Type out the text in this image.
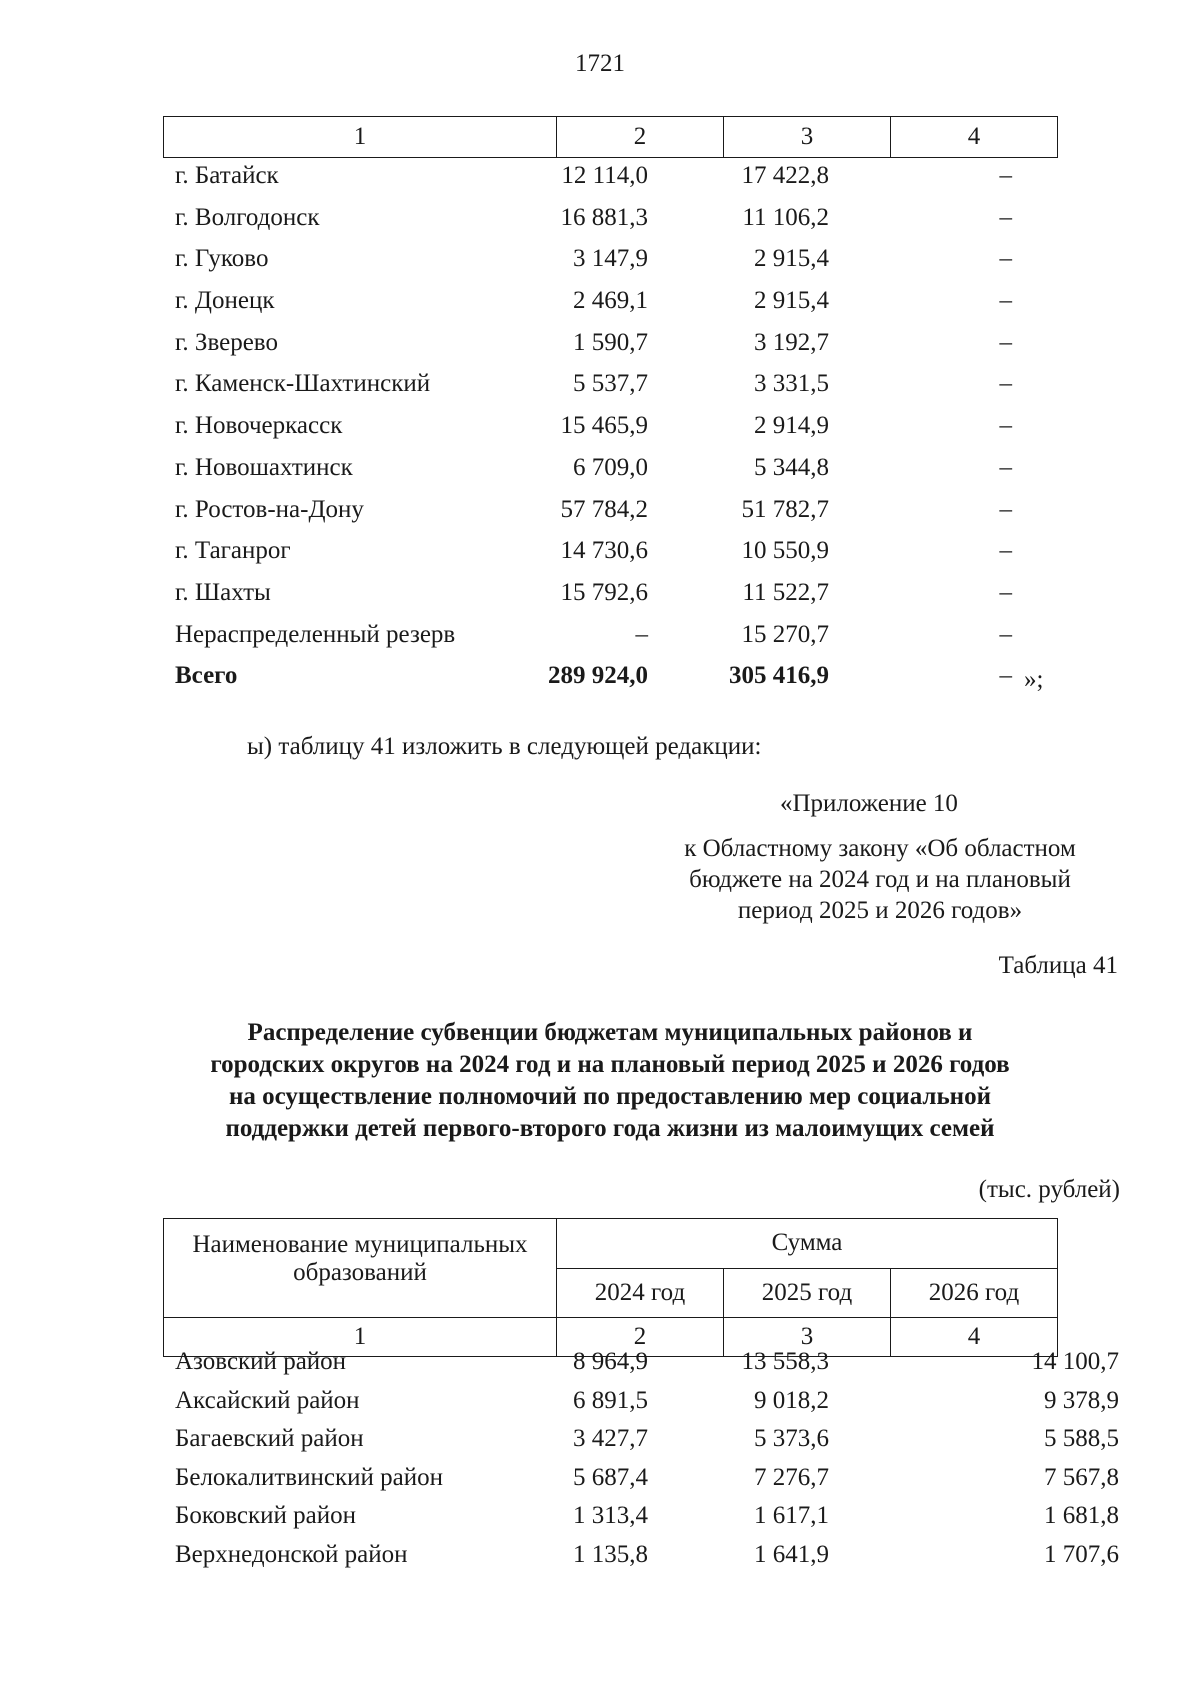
1721
1	2	3	4
г. Батайск	12 114,0	17 422,8	–
г. Волгодонск	16 881,3	11 106,2	–
г. Гуково	3 147,9	2 915,4	–
г. Донецк	2 469,1	2 915,4	–
г. Зверево	1 590,7	3 192,7	–
г. Каменск-Шахтинский	5 537,7	3 331,5	–
г. Новочеркасск	15 465,9	2 914,9	–
г. Новошахтинск	6 709,0	5 344,8	–
г. Ростов-на-Дону	57 784,2	51 782,7	–
г. Таганрог	14 730,6	10 550,9	–
г. Шахты	15 792,6	11 522,7	–
Нераспределенный резерв	–	15 270,7	–
Всего	289 924,0	305 416,9	– »;
ы) таблицу 41 изложить в следующей редакции:
«Приложение 10
к Областному закону «Об областном
бюджете на 2024 год и на плановый
период 2025 и 2026 годов»
Таблица 41
Распределение субвенции бюджетам муниципальных районов и
городских округов на 2024 год и на плановый период 2025 и 2026 годов
на осуществление полномочий по предоставлению мер социальной
поддержки детей первого-второго года жизни из малоимущих семей
(тыс. рублей)
Наименование муниципальных
образований	Сумма		
	2024 год	2025 год	2026 год
1	2	3	4
Азовский район	8 964,9	13 558,3	14 100,7
Аксайский район	6 891,5	9 018,2	9 378,9
Багаевский район	3 427,7	5 373,6	5 588,5
Белокалитвинский район	5 687,4	7 276,7	7 567,8
Боковский район	1 313,4	1 617,1	1 681,8
Верхнедонской район	1 135,8	1 641,9	1 707,6
